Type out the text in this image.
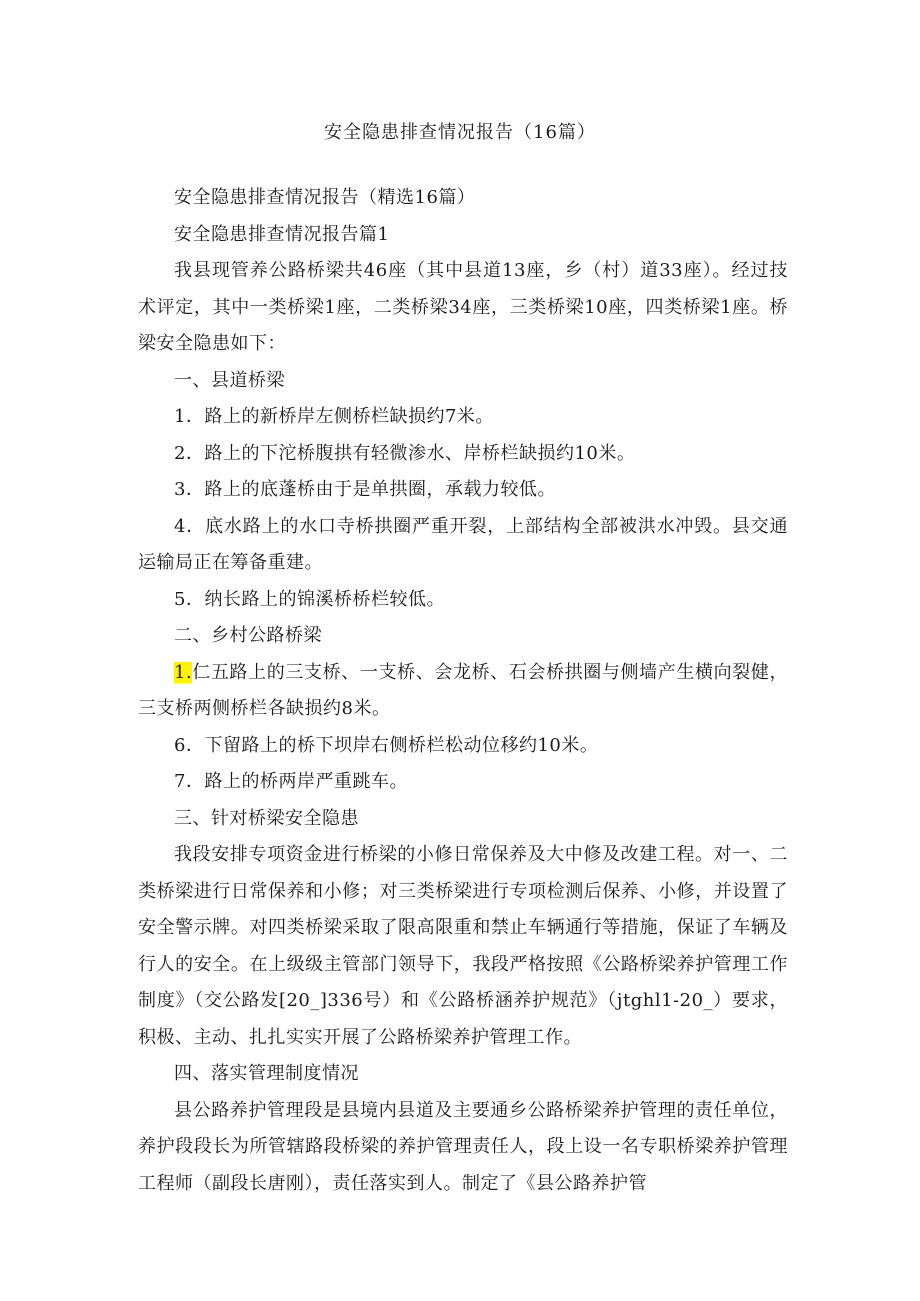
安全隐患排查情况报告（16篇）

安全隐患排查情况报告（精选16篇）

安全隐患排查情况报告篇1

我县现管养公路桥梁共46座（其中县道13座，乡（村）道33座）。经过技术评定，其中一类桥梁1座，二类桥梁34座，三类桥梁10座，四类桥梁1座。桥梁安全隐患如下：

一、县道桥梁

1．路上的新桥岸左侧桥栏缺损约7米。

2．路上的下沱桥腹拱有轻微渗水、岸桥栏缺损约10米。

3．路上的底蓬桥由于是单拱圈，承载力较低。

4．底水路上的水口寺桥拱圈严重开裂，上部结构全部被洪水冲毁。县交通运输局正在筹备重建。

5．纳长路上的锦溪桥桥栏较低。

二、乡村公路桥梁

1.仁五路上的三支桥、一支桥、会龙桥、石会桥拱圈与侧墙产生横向裂健，三支桥两侧桥栏各缺损约8米。

6．下留路上的桥下坝岸右侧桥栏松动位移约10米。

7．路上的桥两岸严重跳车。

三、针对桥梁安全隐患

我段安排专项资金进行桥梁的小修日常保养及大中修及改建工程。对一、二类桥梁进行日常保养和小修；对三类桥梁进行专项检测后保养、小修，并设置了安全警示牌。对四类桥梁采取了限高限重和禁止车辆通行等措施，保证了车辆及行人的安全。在上级级主管部门领导下，我段严格按照《公路桥梁养护管理工作制度》（交公路发[20_]336号）和《公路桥涵养护规范》（jtghl1-20_）要求，积极、主动、扎扎实实开展了公路桥梁养护管理工作。

四、落实管理制度情况

县公路养护管理段是县境内县道及主要通乡公路桥梁养护管理的责任单位，养护段段长为所管辖路段桥梁的养护管理责任人，段上设一名专职桥梁养护管理工程师（副段长唐刚），责任落实到人。制定了《县公路养护管
